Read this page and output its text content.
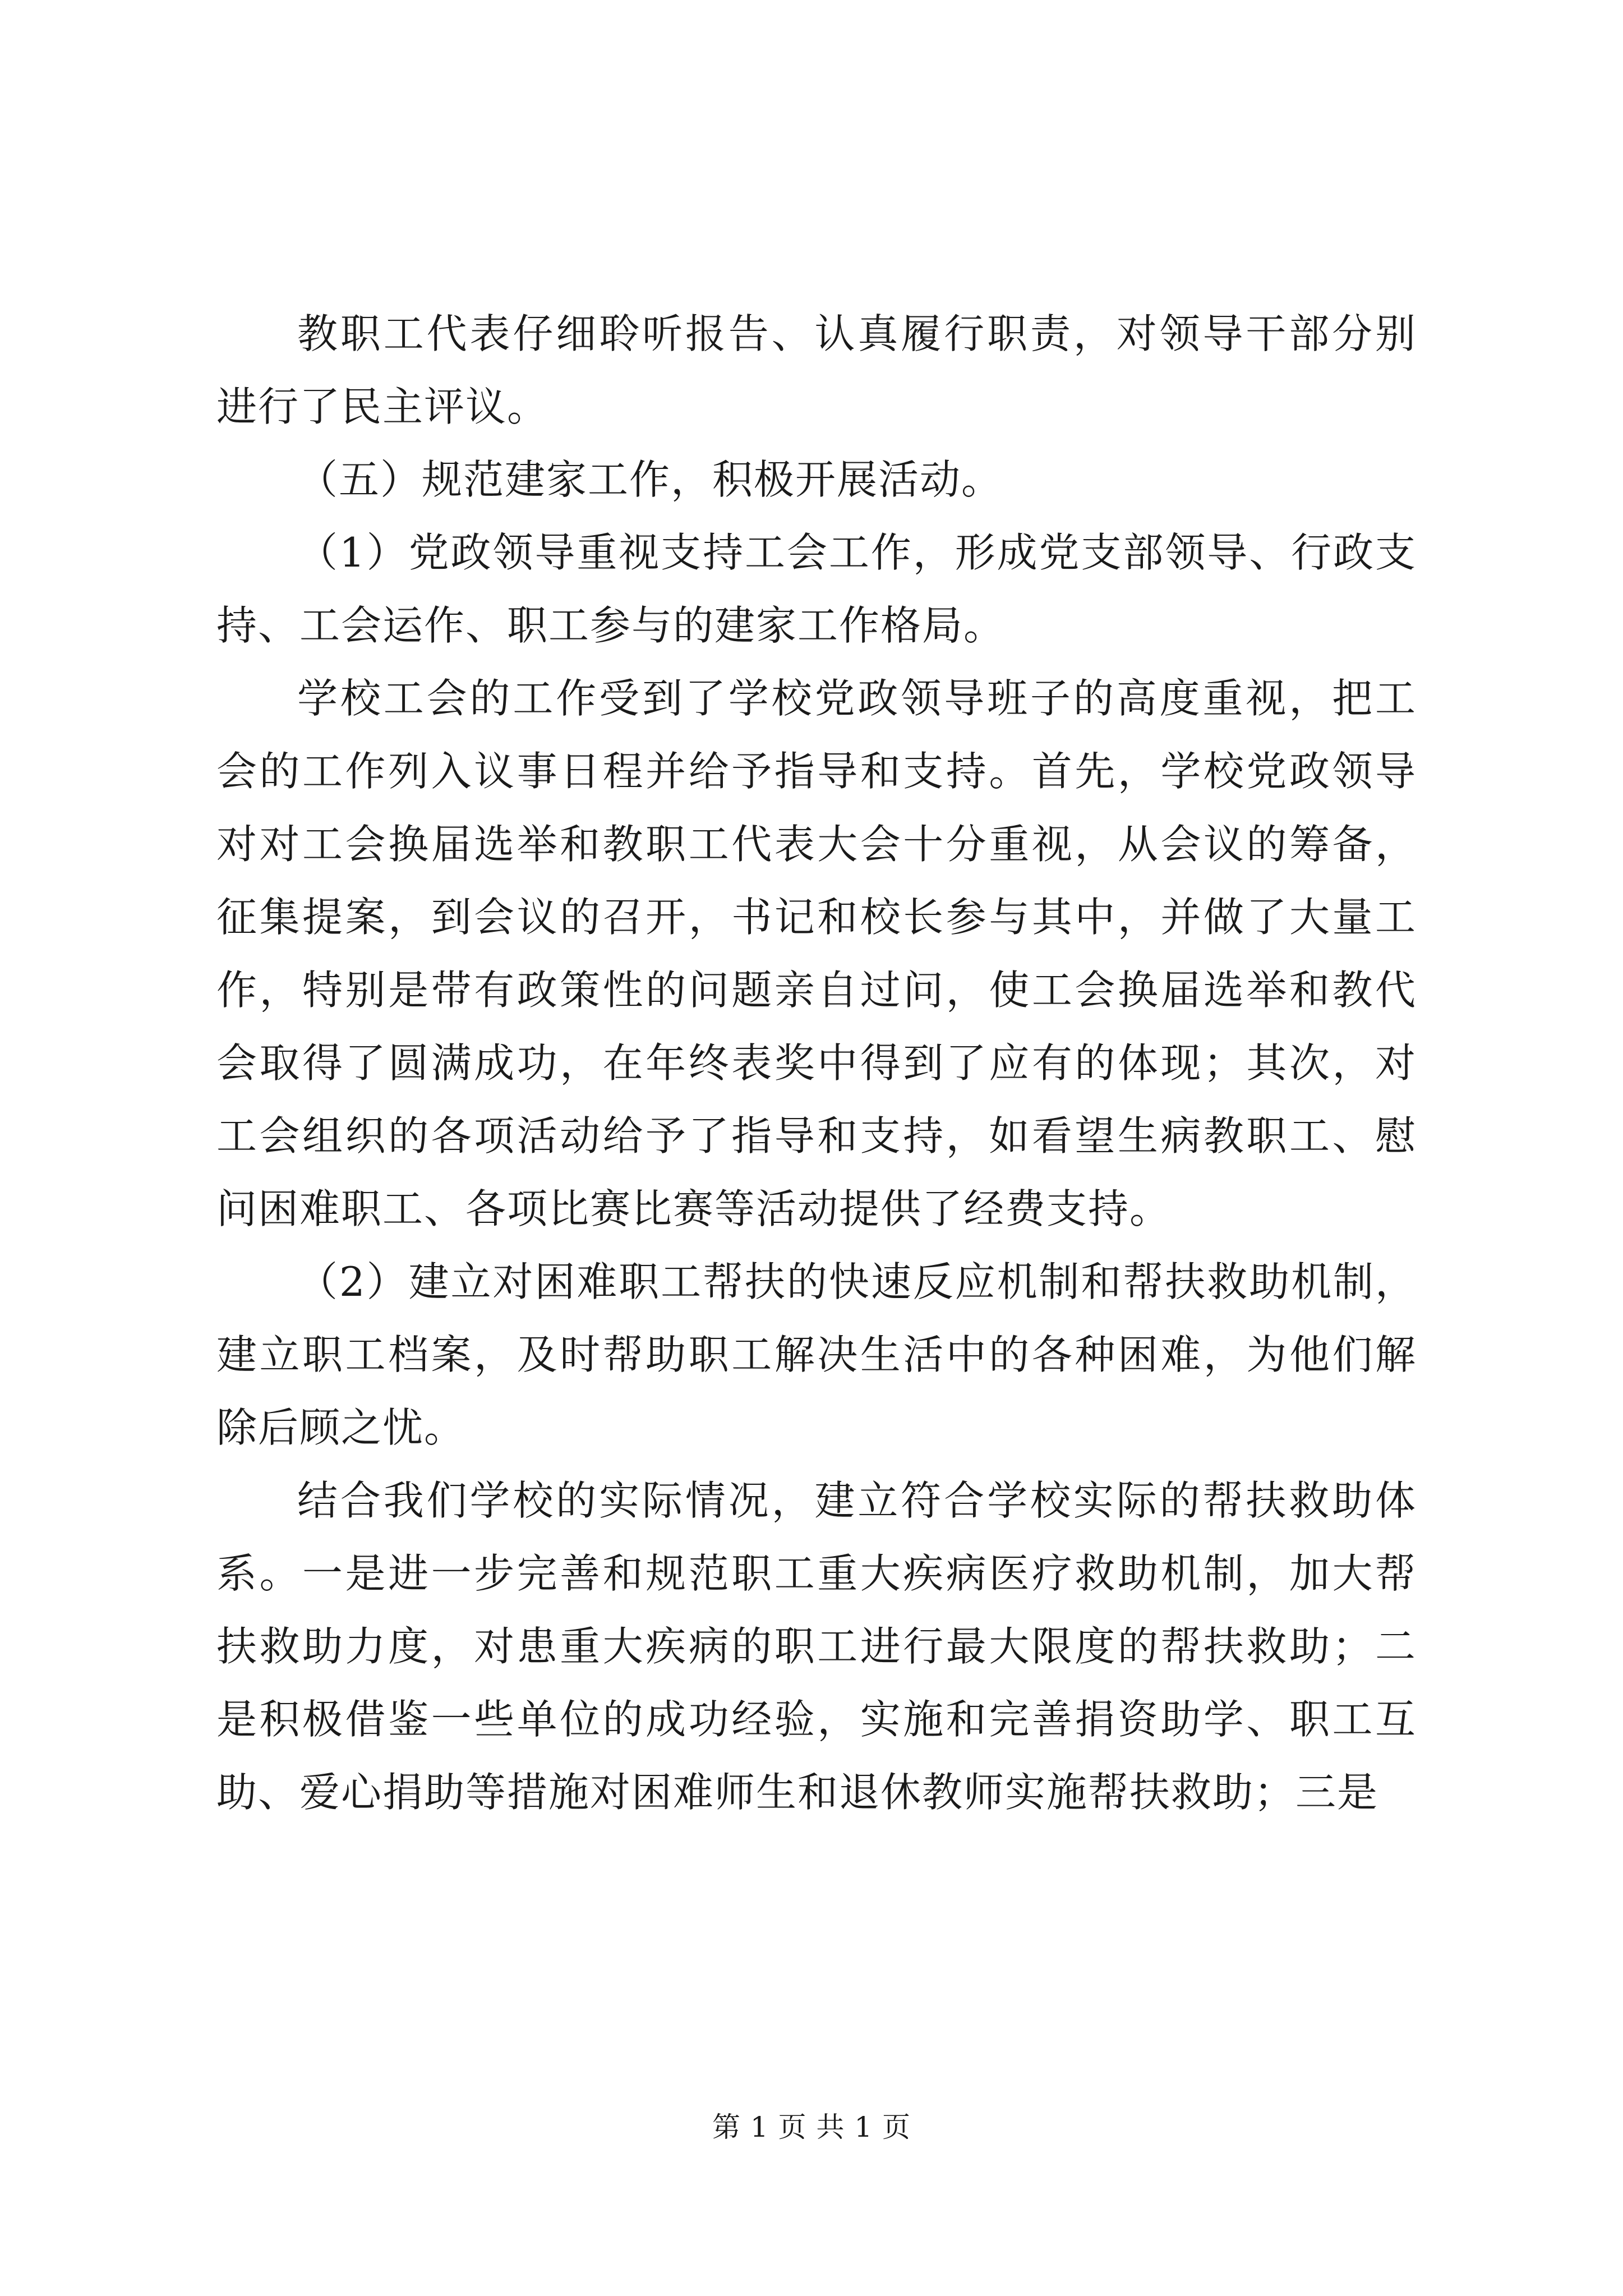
教职工代表仔细聆听报告、认真履行职责，对领导干部分别进行了民主评议。

（五）规范建家工作，积极开展活动。

（1）党政领导重视支持工会工作，形成党支部领导、行政支持、工会运作、职工参与的建家工作格局。

学校工会的工作受到了学校党政领导班子的高度重视，把工会的工作列入议事日程并给予指导和支持。首先，学校党政领导对对工会换届选举和教职工代表大会十分重视，从会议的筹备，征集提案，到会议的召开，书记和校长参与其中，并做了大量工作，特别是带有政策性的问题亲自过问，使工会换届选举和教代会取得了圆满成功，在年终表奖中得到了应有的体现；其次，对工会组织的各项活动给予了指导和支持，如看望生病教职工、慰问困难职工、各项比赛比赛等活动提供了经费支持。

（2）建立对困难职工帮扶的快速反应机制和帮扶救助机制，建立职工档案，及时帮助职工解决生活中的各种困难，为他们解除后顾之忧。

结合我们学校的实际情况，建立符合学校实际的帮扶救助体系。一是进一步完善和规范职工重大疾病医疗救助机制，加大帮扶救助力度，对患重大疾病的职工进行最大限度的帮扶救助；二是积极借鉴一些单位的成功经验，实施和完善捐资助学、职工互助、爱心捐助等措施对困难师生和退休教师实施帮扶救助；三是

第 1 页 共 1 页
